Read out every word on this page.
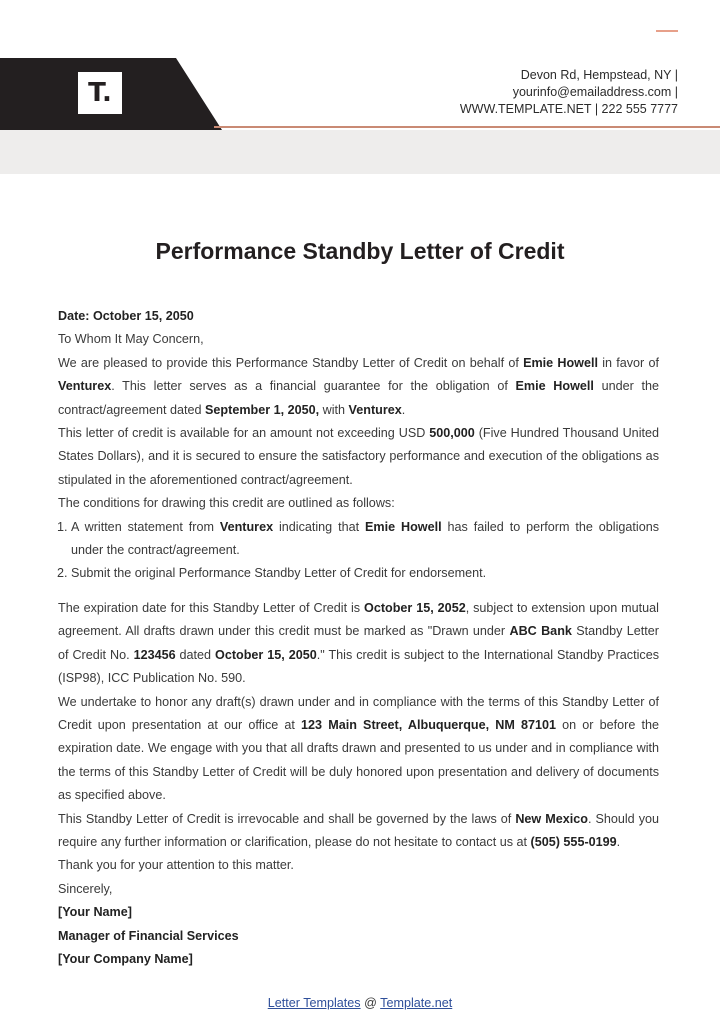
T.
Devon Rd, Hempstead, NY |
yourinfo@emailaddress.com |
WWW.TEMPLATE.NET | 222 555 7777
Performance Standby Letter of Credit

Date: October 15, 2050

To Whom It May Concern,

We are pleased to provide this Performance Standby Letter of Credit on behalf of Emie Howell in favor of Venturex. This letter serves as a financial guarantee for the obligation of Emie Howell under the contract/agreement dated September 1, 2050, with Venturex.

This letter of credit is available for an amount not exceeding USD 500,000 (Five Hundred Thousand United States Dollars), and it is secured to ensure the satisfactory performance and execution of the obligations as stipulated in the aforementioned contract/agreement.

The conditions for drawing this credit are outlined as follows:

1. A written statement from Venturex indicating that Emie Howell has failed to perform the obligations under the contract/agreement.
2. Submit the original Performance Standby Letter of Credit for endorsement.

The expiration date for this Standby Letter of Credit is October 15, 2052, subject to extension upon mutual agreement. All drafts drawn under this credit must be marked as "Drawn under ABC Bank Standby Letter of Credit No. 123456 dated October 15, 2050." This credit is subject to the International Standby Practices (ISP98), ICC Publication No. 590.

We undertake to honor any draft(s) drawn under and in compliance with the terms of this Standby Letter of Credit upon presentation at our office at 123 Main Street, Albuquerque, NM 87101 on or before the expiration date. We engage with you that all drafts drawn and presented to us under and in compliance with the terms of this Standby Letter of Credit will be duly honored upon presentation and delivery of documents as specified above.

This Standby Letter of Credit is irrevocable and shall be governed by the laws of New Mexico. Should you require any further information or clarification, please do not hesitate to contact us at (505) 555-0199.

Thank you for your attention to this matter.

Sincerely,

[Your Name]

Manager of Financial Services

[Your Company Name]

Letter Templates @ Template.net
